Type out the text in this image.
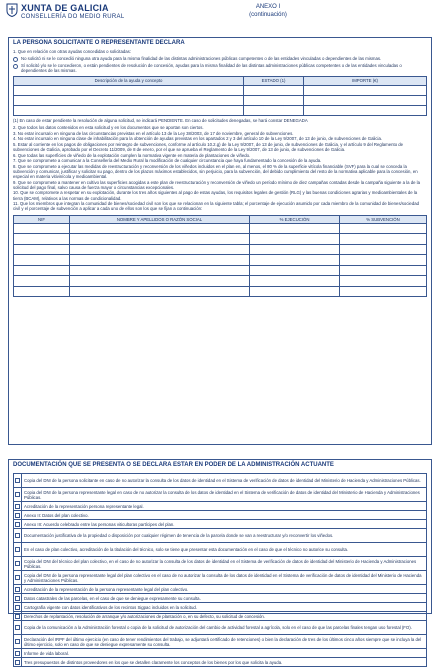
XUNTA DE GALICIA
CONSELLERÍA DO MEDIO RURAL
ANEXO I
(continuación)
LA PERSONA SOLICITANTE O REPRESENTANTE DECLARA
1. Que en relación con otras ayudas concedidas o solicitadas:
No solicitó ni se le concedió ninguna otra ayuda para la misma finalidad de las distintas administraciones públicas competentes o de las entidades vinculadas o dependientes de las mismas.
Sí solicitó y/o se le concedieron, o están pendientes de resolución de concesión, ayudas para la misma finalidad de las distintas administraciones públicas competentes o de las entidades vinculadas o dependientes de las mismas.
Descripción de la ayuda y concepto	ESTADO (1)	IMPORTE (€)

(1) En caso de estar pendiente la resolución de alguna solicitud, se indicará PENDIENTE. En caso de solicitudes denegadas, se hará constar DENEGADA
2. Que todos los datos contenidos en esta solicitud y en los documentos que se aportan son ciertos.
3. No estar incursa/o en ninguna de las circunstancias previstas en el artículo 13 de la Ley 38/2003, de 17 de noviembre, general de subvenciones.
4. No estar incursa/o en ninguna clase de inhabilitación para la obtención de ayudas previstas en los apartados 2 y 3 del artículo 10 de la Ley 9/2007, de 13 de junio, de subvenciones de Galicia.
5. Estar al corriente en los pagos de obligaciones por reintegro de subvenciones, conforme al artículo 10.2.g) de la Ley 9/2007, de 13 de junio, de subvenciones de Galicia, y el artículo 9 del Reglamento de subvenciones de Galicia, aprobado por el Decreto 11/2009, de 8 de enero, por el que se aprueba el Reglamento de la Ley 9/2007, de 13 de junio, de subvenciones de Galicia.
6. Que todas las superficies de viñedo de la explotación cumplen la normativa vigente en materia de plantaciones de viñedo.
7. Que se compromete a comunicar a la Consellería del Medio Rural la modificación de cualquier circunstancia que haya fundamentado la concesión de la ayuda.
8. Que se compromete a ejecutar las medidas de reestructuración y reconversión de los viñedos incluidos en el plan en, al menos, el 80 % de la superficie vitícola financiable (SVF) para la cual se conceda la subvención y comunicar, justificar y solicitar su pago, dentro de los plazos máximos establecidos, sin perjuicio, para la subvención, del debido cumplimiento del resto de la normativa aplicable para la concesión, en especial en materia vitivinícola y medioambiental.
9. Que se compromete a mantener en cultivo las superficies acogidas a este plan de reestructuración y reconversión de viñedo un período mínimo de diez campañas contadas desde la campaña siguiente a la de la solicitud del pago final, salvo causa de fuerza mayor o circunstancias excepcionales.
10. Que se compromete a respetar en su explotación, durante los tres años siguientes al pago de estas ayudas, los requisitos legales de gestión (RLG) y las buenas condiciones agrarias y medioambientales de la tierra (BCAM), relativos a las normas de condicionalidad.
11. Que los miembros que integran la comunidad de bienes/sociedad civil son los que se relacionan en la siguiente tabla; el porcentaje de ejecución asumido por cada miembro de la comunidad de bienes/sociedad civil y el porcentaje de subvención a aplicar a cada uno de ellos son los que se fijan a continuación:
NIF	NOMBRE Y APELLIDOS O RAZÓN SOCIAL	% EJECUCIÓN	% SUBVENCIÓN

DOCUMENTACIÓN QUE SE PRESENTA O SE DECLARA ESTAR EN PODER DE LA ADMINISTRACIÓN ACTUANTE
	Copia del DNI de la persona solicitante en caso de no autorizar la consulta de los datos de identidad en el Sistema de verificación de datos de identidad del Ministerio de Hacienda y Administraciones Públicas.

	Copia del DNI de la persona representante legal en caso de no autorizar la consulta de los datos de identidad en el Sistema de verificación de datos de identidad del Ministerio de Hacienda y Administraciones Públicas.

	Acreditación de la representación persona representante legal.

	Anexo II: Datos del plan colectivo.

	Anexo III: Acuerdo celebrado entre las personas viticultoras partícipes del plan.

	Documentación justificativa de la propiedad o disposición por cualquier régimen de tenencia de la parcela donde se van a reestructurar y/o reconvertir los viñedos.

	En el caso de plan colectivo, acreditación de la titulación del técnico, solo se tiene que presentar esta documentación en el caso de que el técnico no autorice su consulta.

	Copia del DNI del técnico del plan colectivo, en el caso de no autorizar la consulta de los datos de identidad en el Sistema de verificación de datos de identidad del Ministerio de Hacienda y Administraciones Públicas.

	Copia del DNI de la persona representante legal del plan colectivo en el caso de no autorizar la consulta de los datos de identidad en el Sistema de verificación de datos de identidad del Ministerio de Hacienda y Administraciones Públicas.

	Acreditación de la representación de la persona representante legal del plan colectivo.

	Datos catastrales de las parcelas, en el caso de que se deniegue expresamente su consulta.

	Cartografía vigente con datos identificativos de los recintos Sigpac incluidos en la solicitud.

	Derechos de replantación, resolución de arranque y/o autorizaciones de plantación o, en su defecto, su solicitud de concesión.

	Copia de la comunicación a la Administración forestal o copia de la solicitud de autorización del cambio de actividad forestal a agrícola, solo en el caso de que las parcelas finales tengan uso forestal (FO).

	Declaración del IRPF del último ejercicio (en caso de tener rendimientos del trabajo, se adjuntará certificado de retenciones) o bien la declaración de tres de los últimos cinco años siempre que se incluya la del último ejercicio, solo en caso de que se deniegue expresamente su consulta.

	Informe de vida laboral.

	Tres presupuestos de distintos proveedores en los que se detallen claramente los conceptos de los bienes por los que solicita la ayuda.
